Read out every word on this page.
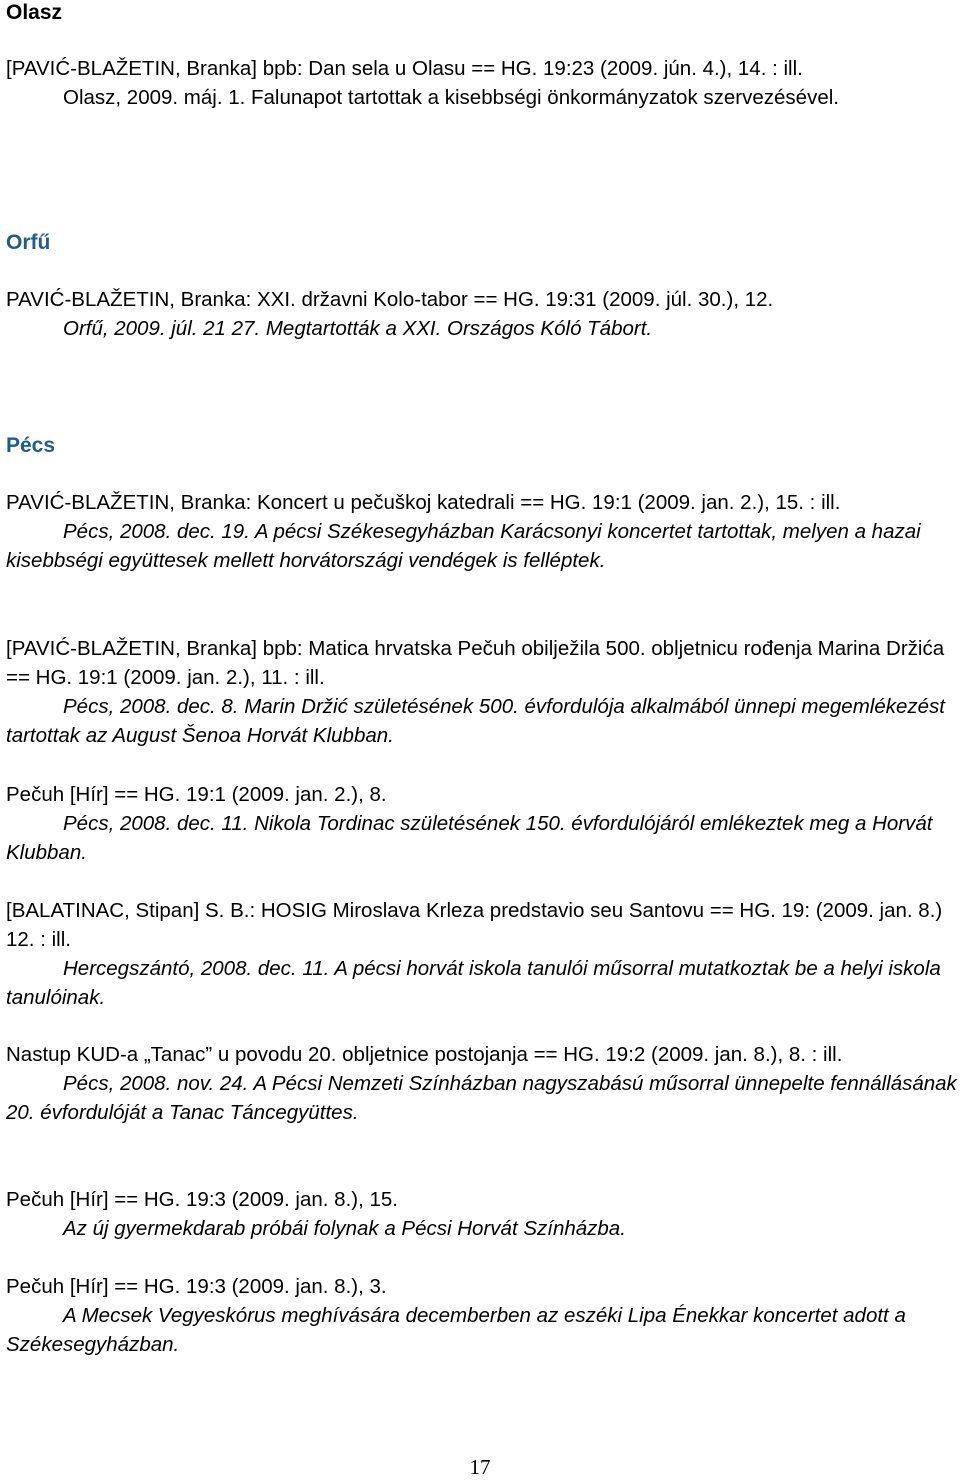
Olasz

[PAVIĆ-BLAŽETIN, Branka] bpb: Dan sela u Olasu == HG. 19:23 (2009. jún. 4.), 14. : ill.

Olasz, 2009. máj. 1. Falunapot tartottak a kisebbségi önkormányzatok szervezésével.

Orfű

PAVIĆ-BLAŽETIN, Branka: XXI. državni Kolo-tabor == HG. 19:31 (2009. júl. 30.), 12.

Orfű, 2009. júl. 21 27. Megtartották a XXI. Országos Kóló Tábort.

Pécs

PAVIĆ-BLAŽETIN, Branka: Koncert u pečuškoj katedrali == HG. 19:1 (2009. jan. 2.), 15. : ill.

Pécs, 2008. dec. 19. A pécsi Székesegyházban Karácsonyi koncertet tartottak, melyen a hazai kisebbségi együttesek mellett horvátországi vendégek is felléptek.

[PAVIĆ-BLAŽETIN, Branka] bpb: Matica hrvatska Pečuh obilježila 500. obljetnicu rođenja Marina Držića == HG. 19:1 (2009. jan. 2.), 11. : ill.

Pécs, 2008. dec. 8. Marin Držić születésének 500. évfordulója alkalmából ünnepi megemlékezést tartottak az August Šenoa Horvát Klubban.

Pečuh [Hír] == HG. 19:1 (2009. jan. 2.), 8.

Pécs, 2008. dec. 11. Nikola Tordinac születésének 150. évfordulójáról emlékeztek meg a Horvát Klubban.

[BALATINAC, Stipan] S. B.: HOSIG Miroslava Krleza predstavio seu Santovu == HG. 19: (2009. jan. 8.) 12. : ill.

Hercegszántó, 2008. dec. 11. A pécsi horvát iskola tanulói műsorral mutatkoztak be a helyi iskola tanulóinak.

Nastup KUD-a „Tanac” u povodu 20. obljetnice postojanja == HG. 19:2 (2009. jan. 8.), 8. : ill.

Pécs, 2008. nov. 24. A Pécsi Nemzeti Színházban nagyszabású műsorral ünnepelte fennállásának 20. évfordulóját a Tanac Táncegyüttes.

Pečuh [Hír] == HG. 19:3 (2009. jan. 8.), 15.

Az új gyermekdarab próbái folynak a Pécsi Horvát Színházba.

Pečuh [Hír] == HG. 19:3 (2009. jan. 8.), 3.

A Mecsek Vegyeskórus meghívására decemberben az eszéki Lipa Énekkar koncertet adott a Székesegyházban.

17
